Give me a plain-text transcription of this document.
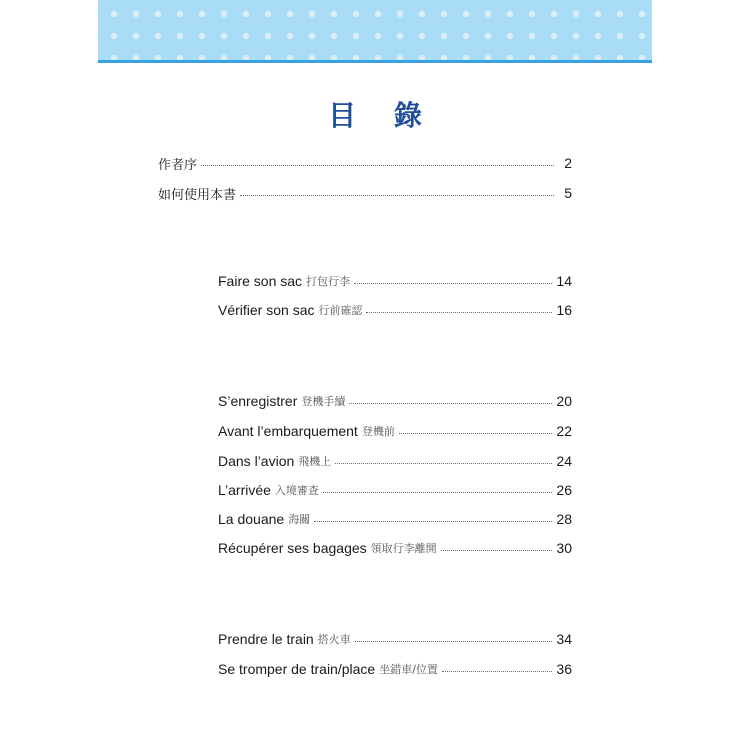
目 錄
作者序	2
如何使用本書	5
Faire son sac 打包行李	14
Vérifier son sac 行前確認	16
S’enregistrer 登機手續	20
Avant l’embarquement 登機前	22
Dans l’avion 飛機上	24
L’arrivée 入境審查	26
La douane 海關	28
Récupérer ses bagages 領取行李離開	30
Prendre le train 搭火車	34
Se tromper de train/place 坐錯車/位置	36
